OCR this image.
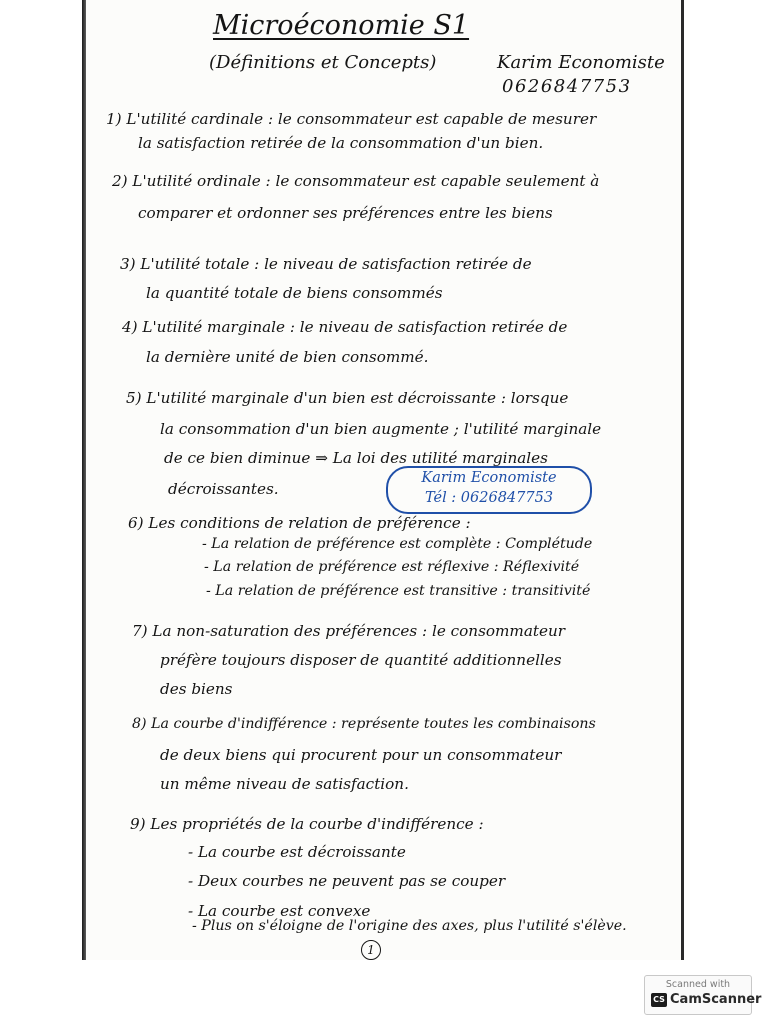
Microéconomie S1
(Définitions et Concepts)	Karim Economiste
0626847753
1) L'utilité cardinale : le consommateur est capable de mesurer
la satisfaction retirée de la consommation d'un bien.
2) L'utilité ordinale : le consommateur est capable seulement à
comparer et ordonner ses préférences entre les biens
3) L'utilité totale : le niveau de satisfaction retirée de
la quantité totale de biens consommés
4) L'utilité marginale : le niveau de satisfaction retirée de
la dernière unité de bien consommé.
5) L'utilité marginale d'un bien est décroissante : lorsque
la consommation d'un bien augmente ; l'utilité marginale
de ce bien diminue ⇒ La loi des utilité marginales
décroissantes.
6) Les conditions de relation de préférence :
- La relation de préférence est complète : Complétude
- La relation de préférence est réflexive : Réflexivité
- La relation de préférence est transitive : transitivité
7) La non-saturation des préférences : le consommateur
préfère toujours disposer de quantité additionnelles
des biens
8) La courbe d'indifférence : représente toutes les combinaisons
de deux biens qui procurent pour un consommateur
un même niveau de satisfaction.
9) Les propriétés de la courbe d'indifférence :
- La courbe est décroissante
- Deux courbes ne peuvent pas se couper
- La courbe est convexe
- Plus on s'éloigne de l'origine des axes, plus l'utilité s'élève.
Karim Economiste
Tél : 0626847753
1
Scanned with
CS CamScanner
